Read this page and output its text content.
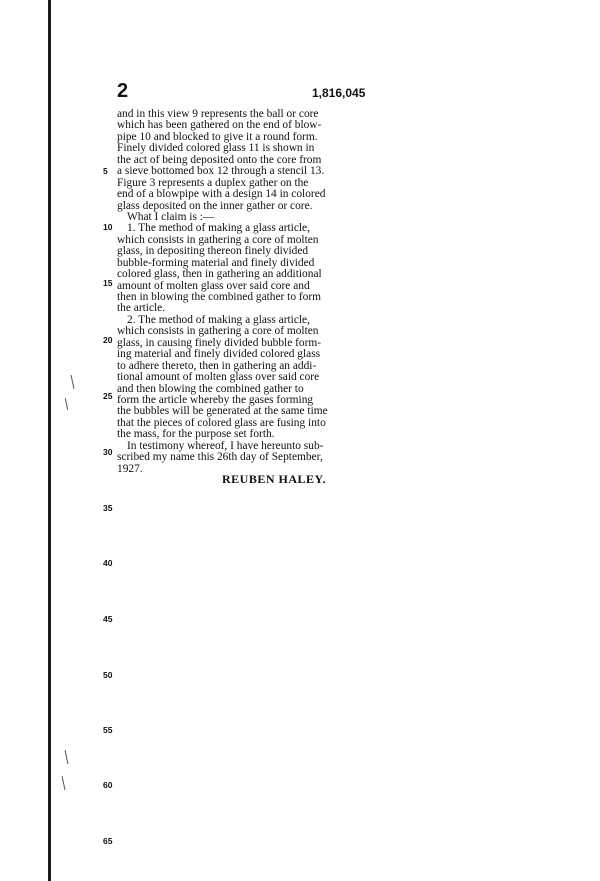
2	1,816,045
and in this view 9 represents the ball or core
which has been gathered on the end of blow-
pipe 10 and blocked to give it a round form.
Finely divided colored glass 11 is shown in
the act of being deposited onto the core from
a sieve bottomed box 12 through a stencil 13.
Figure 3 represents a duplex gather on the
end of a blowpipe with a design 14 in colored
glass deposited on the inner gather or core.
What I claim is :—
1. The method of making a glass article,
which consists in gathering a core of molten
glass, in depositing thereon finely divided
bubble-forming material and finely divided
colored glass, then in gathering an additional
amount of molten glass over said core and
then in blowing the combined gather to form
the article.
2. The method of making a glass article,
which consists in gathering a core of molten
glass, in causing finely divided bubble form-
ing material and finely divided colored glass
to adhere thereto, then in gathering an addi-
tional amount of molten glass over said core
and then blowing the combined gather to
form the article whereby the gases forming
the bubbles will be generated at the same time
that the pieces of colored glass are fusing into
the mass, for the purpose set forth.
In testimony whereof, I have hereunto sub-
scribed my name this 26th day of September,
1927.
REUBEN HALEY.
5
10
15
20
25
30
35
40
45
50
55
60
65
